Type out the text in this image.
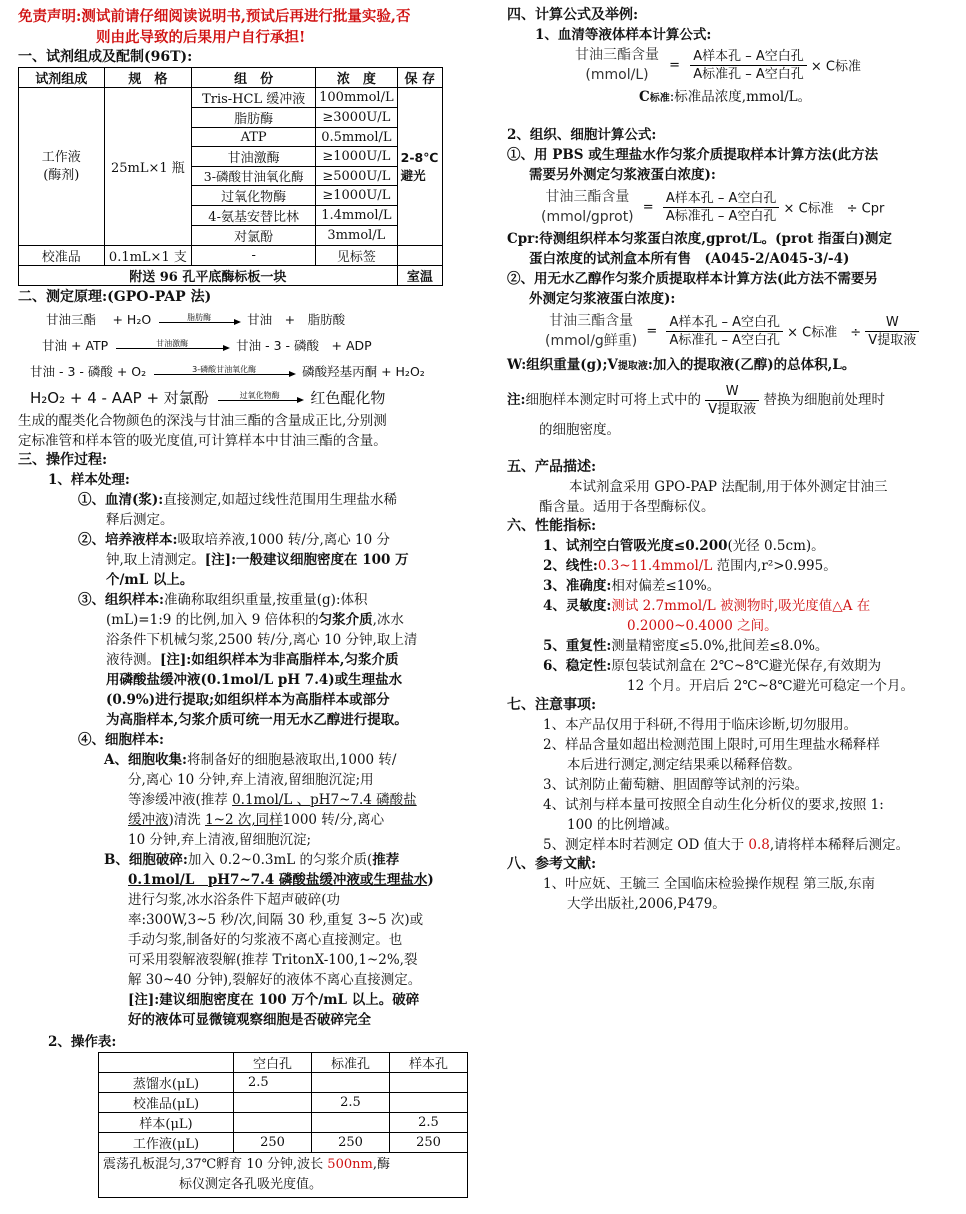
免责声明:测试前请仔细阅读说明书,预试后再进行批量实验,否

则由此导致的后果用户自行承担!

一、试剂组成及配制(96T):

试剂组成	规　格	组　份	浓　度	保 存
工作液
(酶剂)	25mL×1 瓶	Tris-HCL 缓冲液	100mmol/L	2-8℃
避光
		脂肪酶	≥3000U/L	
		ATP	0.5mmol/L	
		甘油激酶	≥1000U/L	
		3-磷酸甘油氧化酶	≥5000U/L	
		过氧化物酶	≥1000U/L	
		4-氨基安替比林	1.4mmol/L	
		对氯酚	3mmol/L	
校准品	0.1mL×1 支	-	见标签	
附送 96 孔平底酶标板一块				室温

二、测定原理:(GPO-PAP 法)

甘油三酯　 + H₂O	脂肪酶	甘油　+　脂肪酸
甘油 + ATP	甘油激酶	甘油 - 3 - 磷酸　+ ADP
甘油 - 3 - 磷酸 + O₂	3-磷酸甘油氧化酶	磷酸羟基丙酮 + H₂O₂
H₂O₂ + 4 - AAP + 对氯酚	过氧化物酶	红色醌化物

生成的醌类化合物颜色的深浅与甘油三酯的含量成正比,分别测
定标准管和样本管的吸光度值,可计算样本中甘油三酯的含量。

三、操作过程:

1、样本处理:

①、血清(浆):直接测定,如超过线性范围用生理盐水稀

释后测定。

②、培养液样本:吸取培养液,1000 转/分,离心 10 分

钟,取上清测定。[注]:一般建议细胞密度在 100 万

个/mL 以上。

③、组织样本:准确称取组织重量,按重量(g):体积

(mL)=1:9 的比例,加入 9 倍体积的匀浆介质,冰水

浴条件下机械匀浆,2500 转/分,离心 10 分钟,取上清

液待测。[注]:如组织样本为非高脂样本,匀浆介质

用磷酸盐缓冲液(0.1mol/L pH 7.4)或生理盐水

(0.9%)进行提取;如组织样本为高脂样本或部分

为高脂样本,匀浆介质可统一用无水乙醇进行提取。

④、细胞样本:

A、细胞收集:将制备好的细胞悬液取出,1000 转/

分,离心 10 分钟,弃上清液,留细胞沉淀;用

等渗缓冲液(推荐 0.1mol/L 、pH7~7.4 磷酸盐

缓冲液)清洗 1~2 次,同样1000 转/分,离心

10 分钟,弃上清液,留细胞沉淀;

B、细胞破碎:加入 0.2~0.3mL 的匀浆介质(推荐

0.1mol/L　pH7~7.4 磷酸盐缓冲液或生理盐水)

进行匀浆,冰水浴条件下超声破碎(功

率:300W,3~5 秒/次,间隔 30 秒,重复 3~5 次)或

手动匀浆,制备好的匀浆液不离心直接测定。也

可采用裂解液裂解(推荐 TritonX-100,1~2%,裂

解 30~40 分钟),裂解好的液体不离心直接测定。

[注]:建议细胞密度在 100 万个/mL 以上。破碎

好的液体可显微镜观察细胞是否破碎完全

2、操作表:

	空白孔	标准孔	样本孔
蒸馏水(μL)	2.5		
校准品(μL)		2.5	
样本(μL)			2.5
工作液(μL)	250	250	250
震荡孔板混匀,37℃孵育 10 分钟,波长 500nm,酶
标仪测定各孔吸光度值。			

四、计算公式及举例:

1、血清等液体样本计算公式:

甘油三酯含量
(mmol/L) = $\frac{\text{A样本孔 – A空白孔}}{\text{A标准孔 – A空白孔}} \times C$标准

C标准:标准品浓度,mmol/L。

2、组织、细胞计算公式:

①、用 PBS 或生理盐水作匀浆介质提取样本计算方法(此方法

需要另外测定匀浆液蛋白浓度):

甘油三酯含量
(mmol/gprot) = $\frac{\text{A样本孔 – A空白孔}}{\text{A标准孔 – A空白孔}} \times C$标准　÷ Cpr

Cpr:待测组织样本匀浆蛋白浓度,gprot/L。(prot 指蛋白)测定

蛋白浓度的试剂盒本所有售　(A045-2/A045-3/-4)

②、用无水乙醇作匀浆介质提取样本计算方法(此方法不需要另

外测定匀浆液蛋白浓度):

甘油三酯含量
(mmol/g鲜重) = $\frac{\text{A样本孔 – A空白孔}}{\text{A标准孔 – A空白孔}} \times C$标准　÷ $\frac{W}{\text{V提取液}}$

W:组织重量(g);V提取液:加入的提取液(乙醇)的总体积,L。

注:细胞样本测定时可将上式中的 $\frac{W}{\text{V提取液}}$ 替换为细胞前处理时

的细胞密度。

五、产品描述:

本试剂盒采用 GPO-PAP 法配制,用于体外测定甘油三

酯含量。适用于各型酶标仪。

六、性能指标:

1、试剂空白管吸光度≤0.200(光径 0.5cm)。

2、线性:0.3~11.4mmol/L 范围内,r²>0.995。

3、准确度:相对偏差≤10%。

4、灵敏度:测试 2.7mmol/L 被测物时,吸光度值△A 在

0.2000~0.4000 之间。

5、重复性:测量精密度≤5.0%,批间差≤8.0%。

6、稳定性:原包装试剂盒在 2℃~8℃避光保存,有效期为

12 个月。开启后 2℃~8℃避光可稳定一个月。

七、注意事项:

1、本产品仅用于科研,不得用于临床诊断,切勿服用。

2、样品含量如超出检测范围上限时,可用生理盐水稀释样

本后进行测定,测定结果乘以稀释倍数。

3、试剂防止葡萄糖、胆固醇等试剂的污染。

4、试剂与样本量可按照全自动生化分析仪的要求,按照 1:

100 的比例增减。

5、测定样本时若测定 OD 值大于 0.8,请将样本稀释后测定。

八、参考文献:

1、叶应妩、王毓三 全国临床检验操作规程 第三版,东南

大学出版社,2006,P479。
